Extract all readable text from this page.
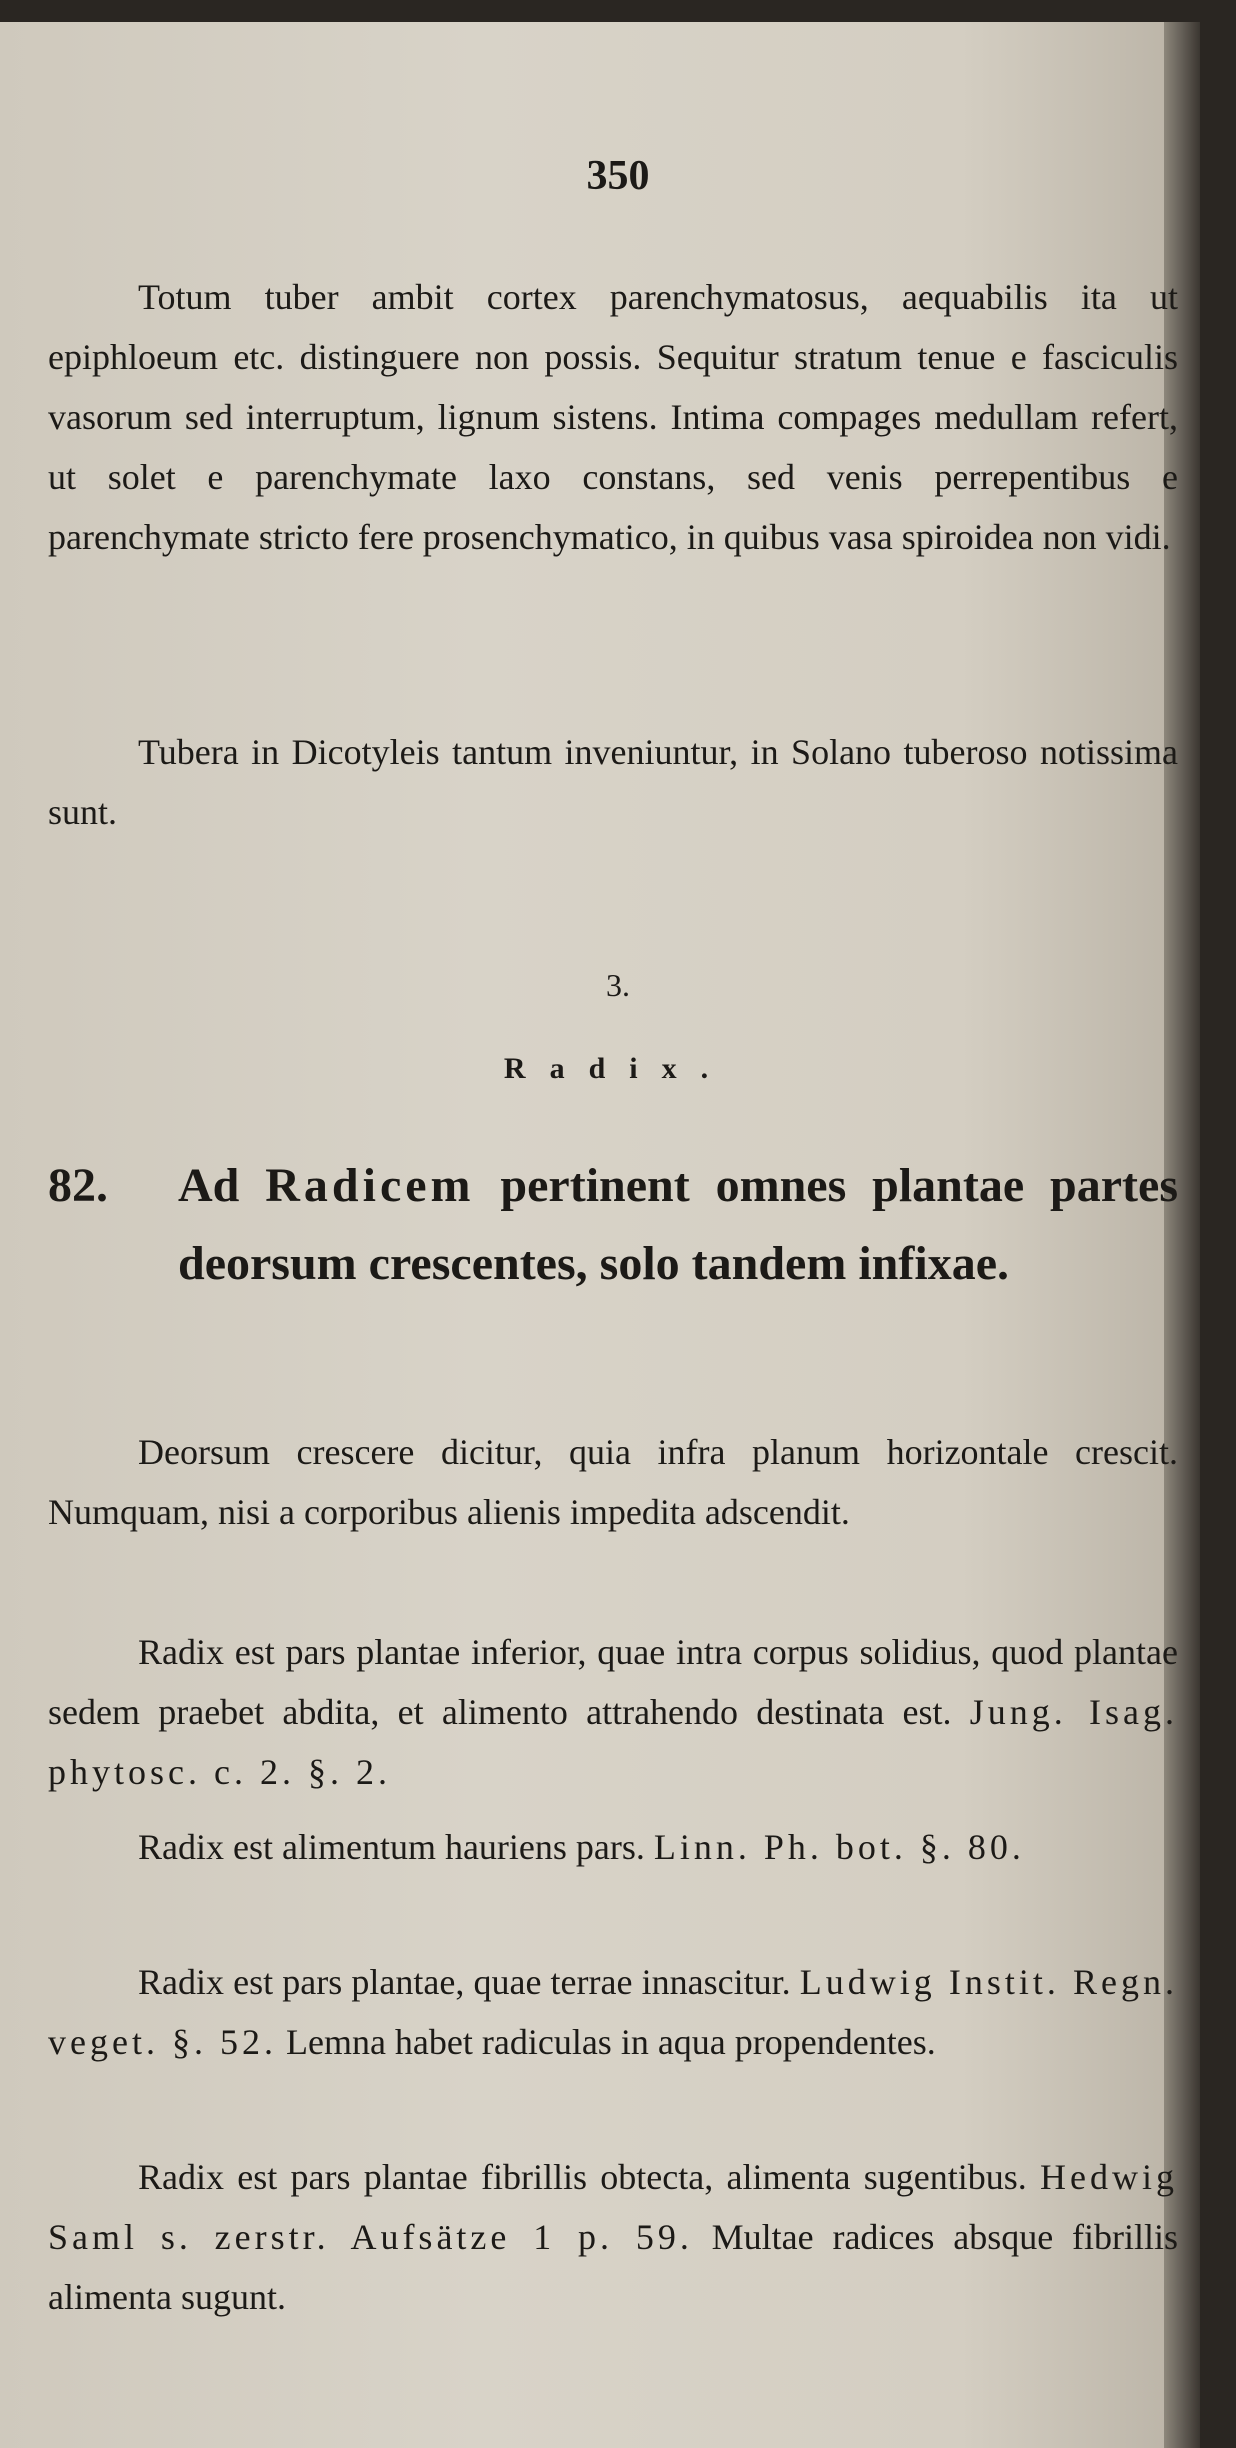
350

Totum tuber ambit cortex parenchymatosus, aequabilis ita ut epiphloeum etc. distinguere non possis. Sequitur stratum tenue e fasciculis vasorum sed interruptum, lignum sistens. Intima compages medullam refert, ut solet e parenchymate laxo constans, sed venis perrepentibus e parenchymate stricto fere prosenchymatico, in quibus vasa spiroidea non vidi.

Tubera in Dicotyleis tantum inveniuntur, in Solano tuberoso notissima sunt.

3.
Radix.
82. Ad Radicem pertinent omnes plantae partes deorsum crescentes, solo tandem infixae.

Deorsum crescere dicitur, quia infra planum horizontale crescit. Numquam, nisi a corporibus alienis impedita adscendit.

Radix est pars plantae inferior, quae intra corpus solidius, quod plantae sedem praebet abdita, et alimento attrahendo destinata est. Jung. Isag. phytosc. c. 2. §. 2.

Radix est alimentum hauriens pars. Linn. Ph. bot. §. 80.

Radix est pars plantae, quae terrae innascitur. Ludwig Instit. Regn. veget. §. 52. Lemna habet radiculas in aqua propendentes.

Radix est pars plantae fibrillis obtecta, alimenta sugentibus. Hedwig Saml s. zerstr. Aufsätze 1 p. 59. Multae radices absque fibrillis alimenta sugunt.
